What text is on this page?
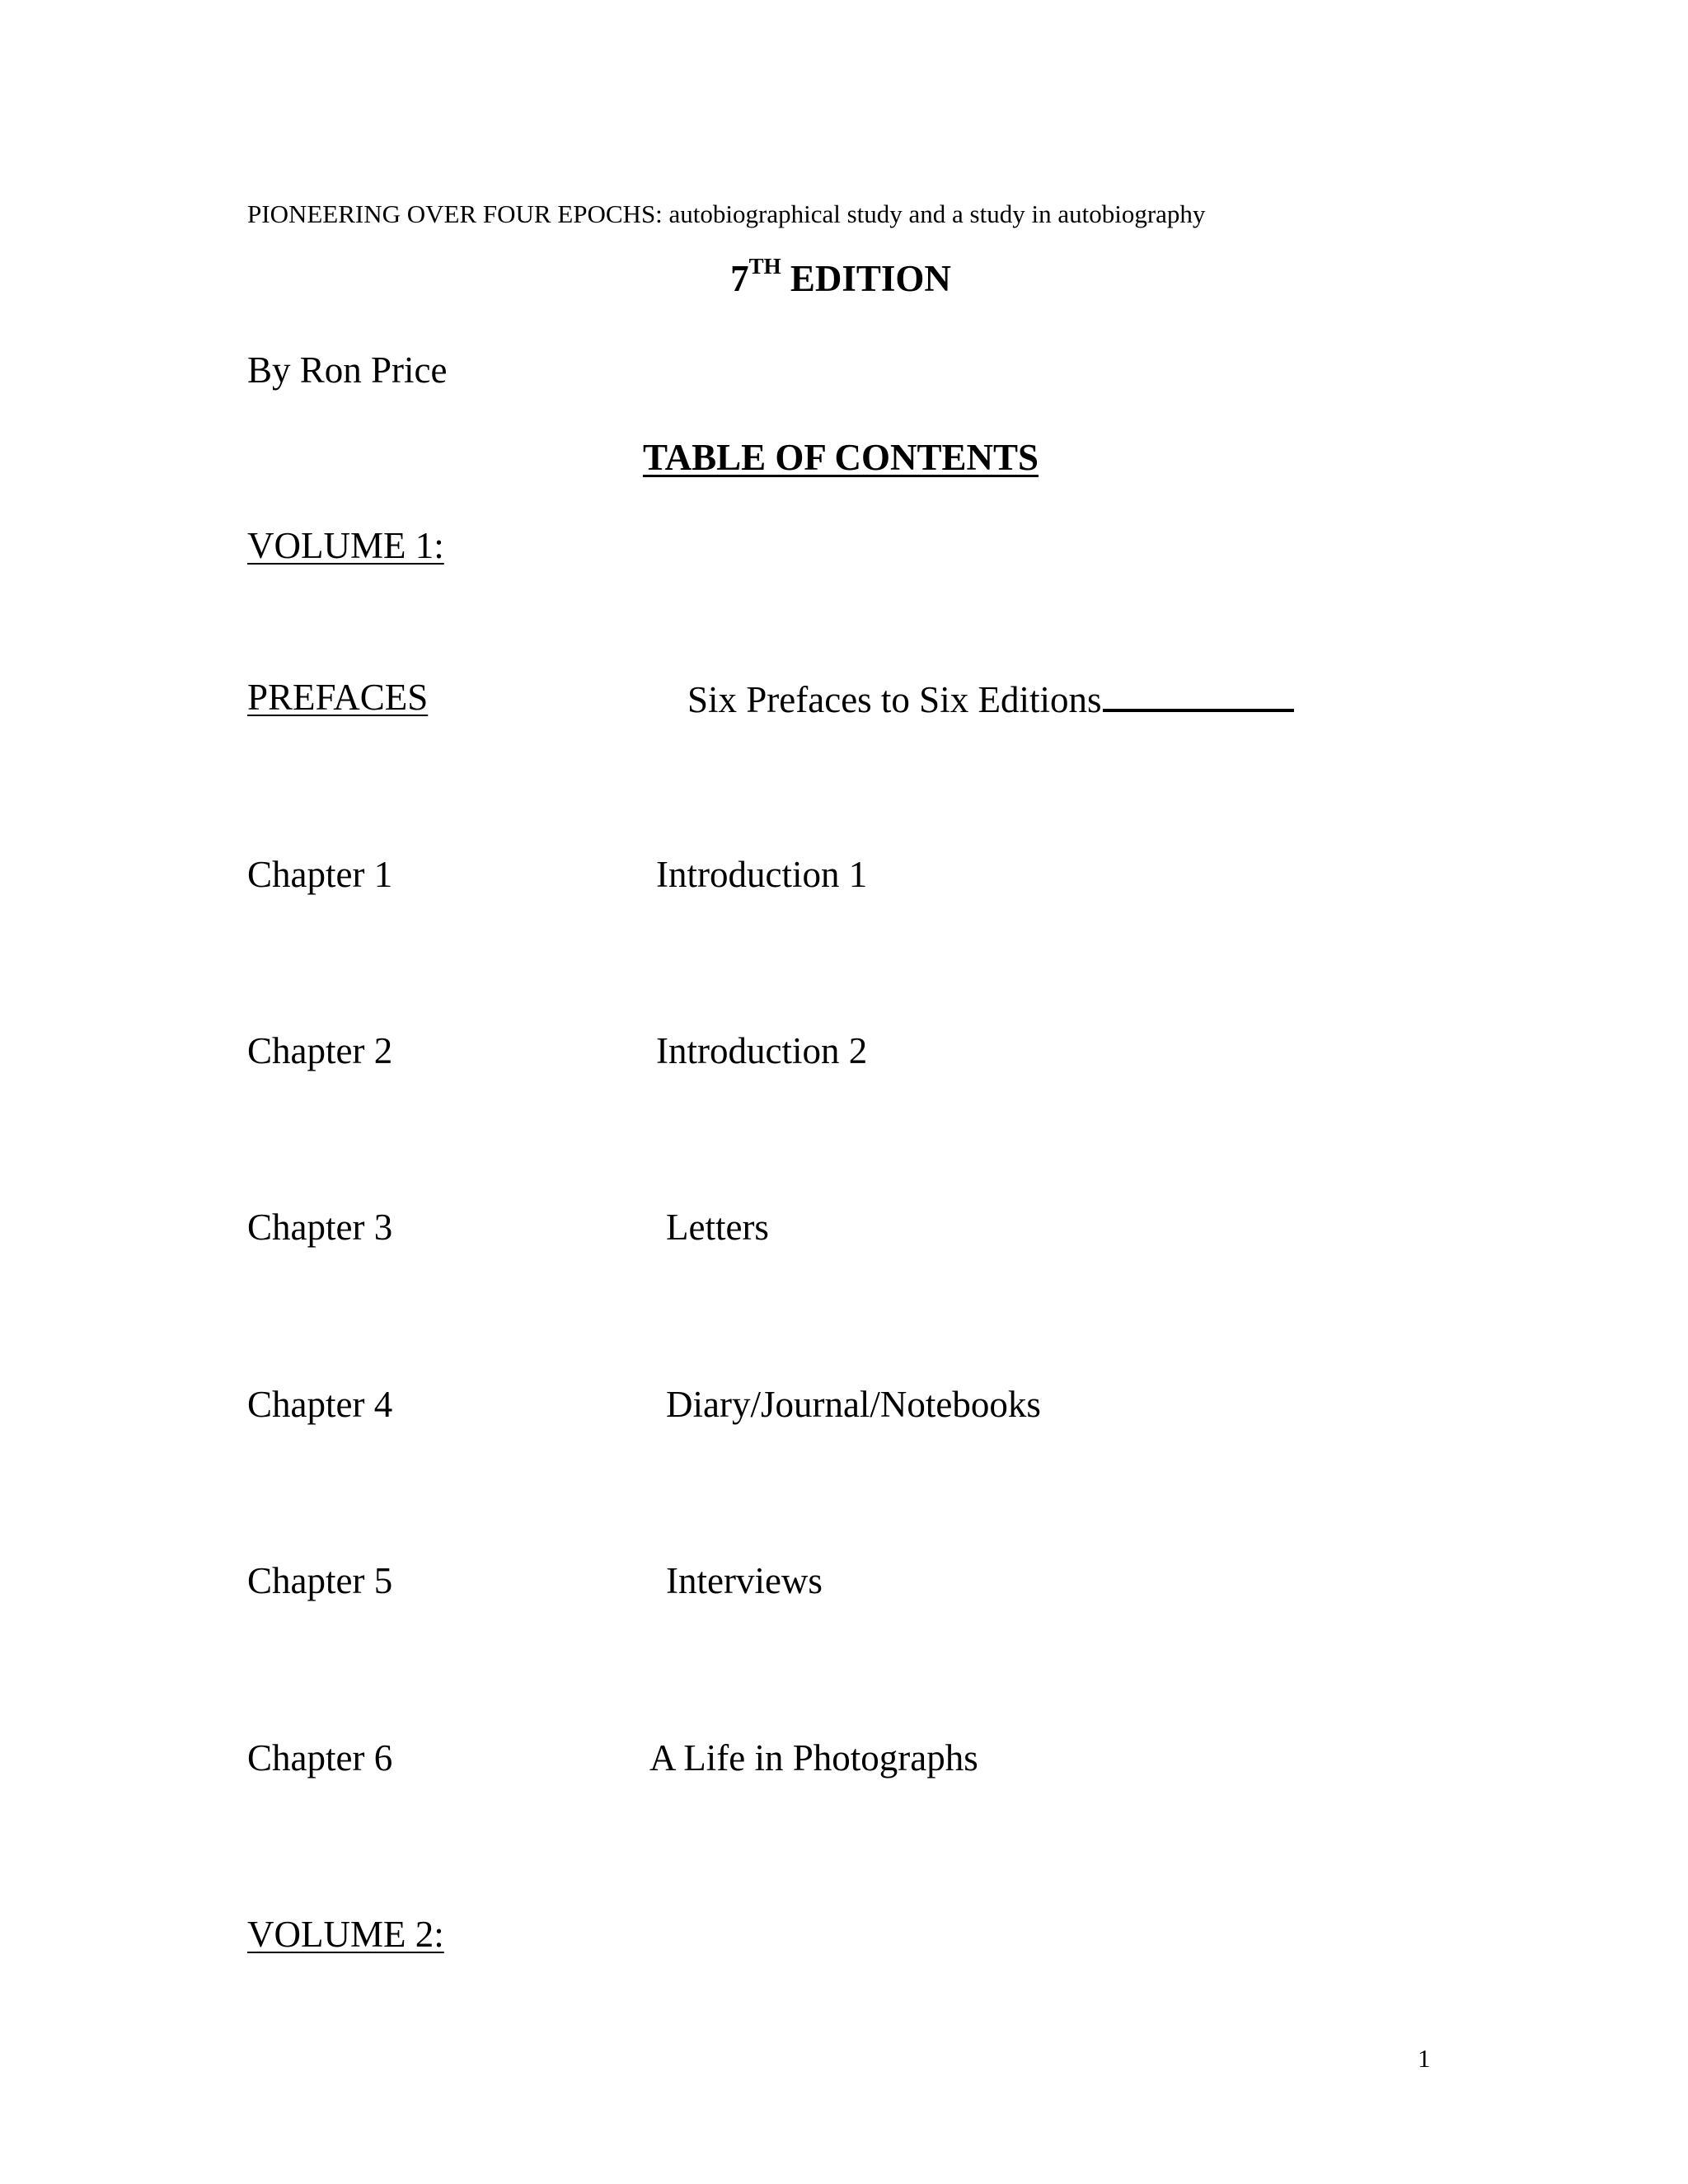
PIONEERING OVER FOUR EPOCHS: autobiographical study and a study in autobiography
7TH EDITION
By Ron Price
TABLE OF CONTENTS
VOLUME 1:
PREFACES	Six Prefaces to Six Editions
Chapter 1	Introduction 1
Chapter 2	Introduction 2
Chapter 3	Letters
Chapter 4	Diary/Journal/Notebooks
Chapter 5	Interviews
Chapter 6	A Life in Photographs
VOLUME 2:
1
